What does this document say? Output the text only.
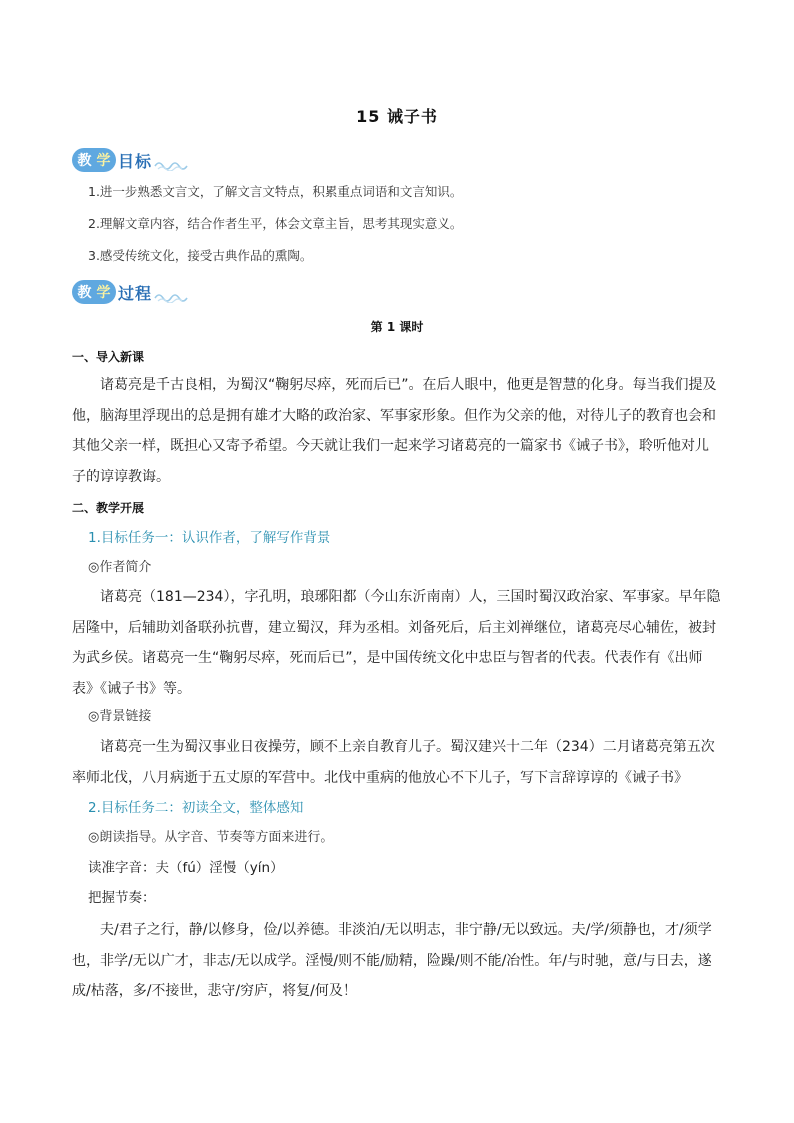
15 诫子书
教 学 目标
1.进一步熟悉文言文，了解文言文特点，积累重点词语和文言知识。
2.理解文章内容，结合作者生平，体会文章主旨，思考其现实意义。
3.感受传统文化，接受古典作品的熏陶。
教 学 过程
第 1 课时
一、导入新课
诸葛亮是千古良相，为蜀汉“鞠躬尽瘁，死而后已”。在后人眼中，他更是智慧的化身。每当我们提及他，脑海里浮现出的总是拥有雄才大略的政治家、军事家形象。但作为父亲的他，对待儿子的教育也会和其他父亲一样，既担心又寄予希望。今天就让我们一起来学习诸葛亮的一篇家书《诫子书》，聆听他对儿子的谆谆教诲。
二、教学开展
1.目标任务一：认识作者，了解写作背景
◎作者简介
诸葛亮（181—234），字孔明，琅琊阳都（今山东沂南南）人，三国时蜀汉政治家、军事家。早年隐居隆中，后辅助刘备联孙抗曹，建立蜀汉，拜为丞相。刘备死后，后主刘禅继位，诸葛亮尽心辅佐，被封为武乡侯。诸葛亮一生“鞠躬尽瘁，死而后已”，是中国传统文化中忠臣与智者的代表。代表作有《出师表》《诫子书》等。
◎背景链接
诸葛亮一生为蜀汉事业日夜操劳，顾不上亲自教育儿子。蜀汉建兴十二年（234）二月诸葛亮第五次率师北伐，八月病逝于五丈原的军营中。北伐中重病的他放心不下儿子，写下言辞谆谆的《诫子书》
2.目标任务二：初读全文，整体感知
◎朗读指导。从字音、节奏等方面来进行。
读准字音：夫（fú）淫慢（yín）
把握节奏：
夫/君子之行，静/以修身，俭/以养德。非淡泊/无以明志，非宁静/无以致远。夫/学/须静也，才/须学也，非学/无以广才，非志/无以成学。淫慢/则不能/励精，险躁/则不能/冶性。年/与时驰，意/与日去，遂成/枯落，多/不接世，悲守/穷庐，将复/何及！
